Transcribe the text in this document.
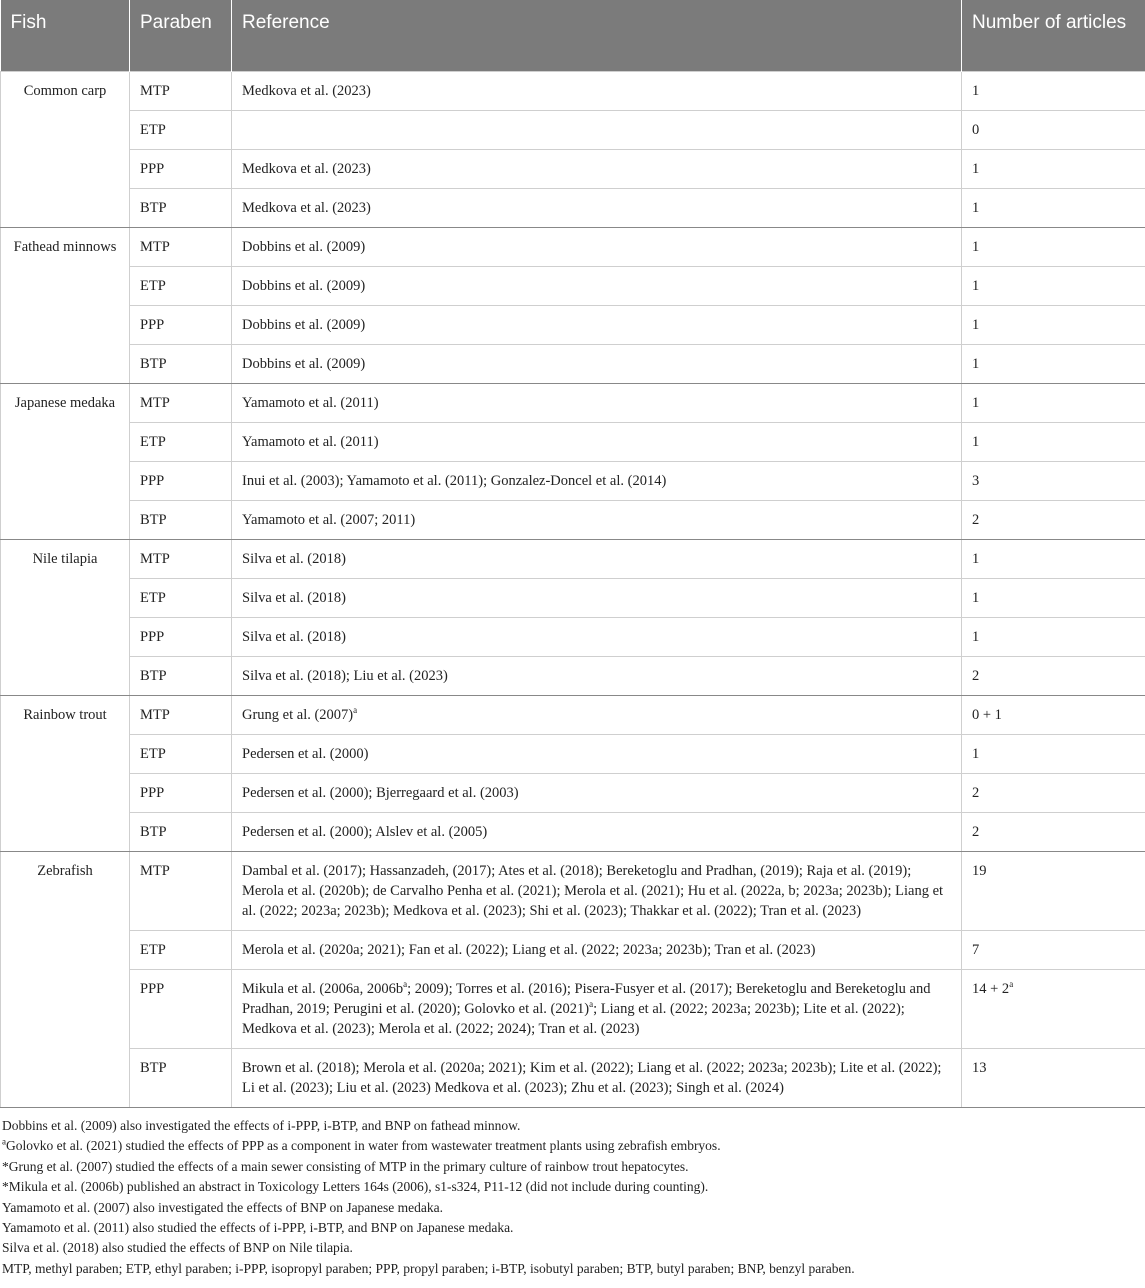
Fish	Paraben	Reference	Number of articles
Common carp	MTP	Medkova et al. (2023)	1
	ETP		0
	PPP	Medkova et al. (2023)	1
	BTP	Medkova et al. (2023)	1
Fathead minnows	MTP	Dobbins et al. (2009)	1
	ETP	Dobbins et al. (2009)	1
	PPP	Dobbins et al. (2009)	1
	BTP	Dobbins et al. (2009)	1
Japanese medaka	MTP	Yamamoto et al. (2011)	1
	ETP	Yamamoto et al. (2011)	1
	PPP	Inui et al. (2003); Yamamoto et al. (2011); Gonzalez-Doncel et al. (2014)	3
	BTP	Yamamoto et al. (2007; 2011)	2
Nile tilapia	MTP	Silva et al. (2018)	1
	ETP	Silva et al. (2018)	1
	PPP	Silva et al. (2018)	1
	BTP	Silva et al. (2018); Liu et al. (2023)	2
Rainbow trout	MTP	Grung et al. $(2007)^a$	0 + 1
	ETP	Pedersen et al. (2000)	1
	PPP	Pedersen et al. (2000); Bjerregaard et al. (2003)	2
	BTP	Pedersen et al. (2000); Alslev et al. (2005)	2
Zebrafish	MTP	Dambal et al. (2017); Hassanzadeh, (2017); Ates et al. (2018); Bereketoglu and Pradhan, (2019); Raja et al. (2019); Merola et al. (2020b); de Carvalho Penha et al. (2021); Merola et al. (2021); Hu et al. (2022a, b; 2023a; 2023b); Liang et al. (2022; 2023a; 2023b); Medkova et al. (2023); Shi et al. (2023); Thakkar et al. (2022); Tran et al. (2023)	19
	ETP	Merola et al. (2020a; 2021); Fan et al. (2022); Liang et al. (2022; 2023a; 2023b); Tran et al. (2023)	7
	PPP	Mikula et al. (2006a, $2006b^a$; 2009); Torres et al. (2016); Pisera-Fusyer et al. (2017); Bereketoglu and Bereketoglu and Pradhan, 2019; Perugini et al. (2020); Golovko et al. $(2021)^a$; Liang et al. (2022; 2023a; 2023b); Lite et al. (2022); Medkova et al. (2023); Merola et al. (2022; 2024); Tran et al. (2023)	$14 + 2^a$
	BTP	Brown et al. (2018); Merola et al. (2020a; 2021); Kim et al. (2022); Liang et al. (2022; 2023a; 2023b); Lite et al. (2022); Li et al. (2023); Liu et al. (2023) Medkova et al. (2023); Zhu et al. (2023); Singh et al. (2024)	13
Dobbins et al. (2009) also investigated the effects of i-PPP, i-BTP, and BNP on fathead minnow.
$^a$Golovko et al. (2021) studied the effects of PPP as a component in water from wastewater treatment plants using zebrafish embryos.
*Grung et al. (2007) studied the effects of a main sewer consisting of MTP in the primary culture of rainbow trout hepatocytes.
*Mikula et al. (2006b) published an abstract in Toxicology Letters 164s (2006), s1-s324, P11-12 (did not include during counting).
Yamamoto et al. (2007) also investigated the effects of BNP on Japanese medaka.
Yamamoto et al. (2011) also studied the effects of i-PPP, i-BTP, and BNP on Japanese medaka.
Silva et al. (2018) also studied the effects of BNP on Nile tilapia.
MTP, methyl paraben; ETP, ethyl paraben; i-PPP, isopropyl paraben; PPP, propyl paraben; i-BTP, isobutyl paraben; BTP, butyl paraben; BNP, benzyl paraben.
